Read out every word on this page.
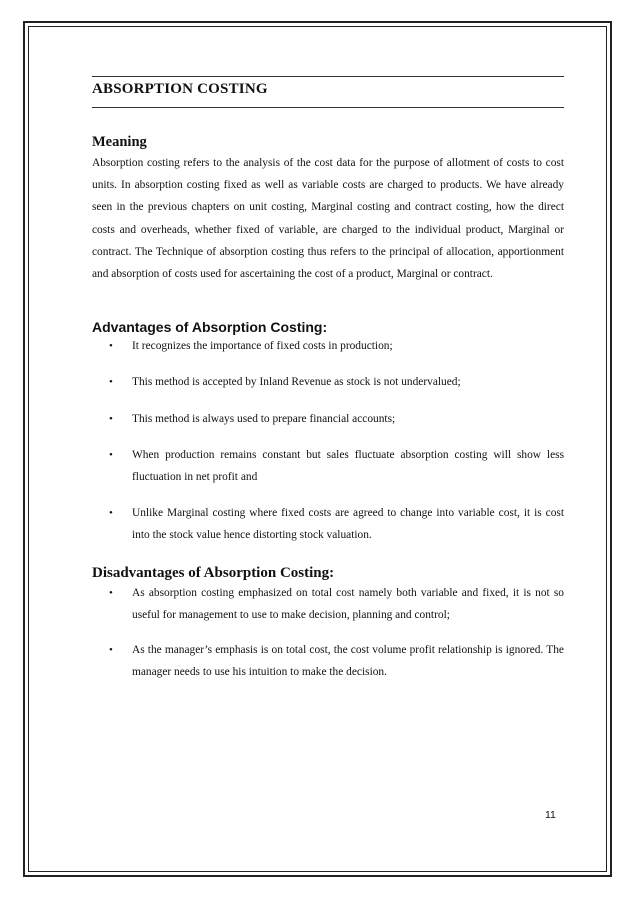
ABSORPTION COSTING
Meaning
Absorption costing refers to the analysis of the cost data for the purpose of allotment of costs to cost units. In absorption costing fixed as well as variable costs are charged to products. We have already seen in the previous chapters on unit costing, Marginal costing and contract costing, how the direct costs and overheads, whether fixed of variable, are charged to the individual product, Marginal or contract. The Technique of absorption costing thus refers to the principal of allocation, apportionment and absorption of costs used for ascertaining the cost of a product, Marginal or contract.
Advantages of Absorption Costing:
• It recognizes the importance of fixed costs in production;
• This method is accepted by Inland Revenue as stock is not undervalued;
• This method is always used to prepare financial accounts;
• When production remains constant but sales fluctuate absorption costing will show less fluctuation in net profit and
• Unlike Marginal costing where fixed costs are agreed to change into variable cost, it is cost into the stock value hence distorting stock valuation.
Disadvantages of Absorption Costing:
• As absorption costing emphasized on total cost namely both variable and fixed, it is not so useful for management to use to make decision, planning and control;
• As the manager’s emphasis is on total cost, the cost volume profit relationship is ignored. The manager needs to use his intuition to make the decision.
11
